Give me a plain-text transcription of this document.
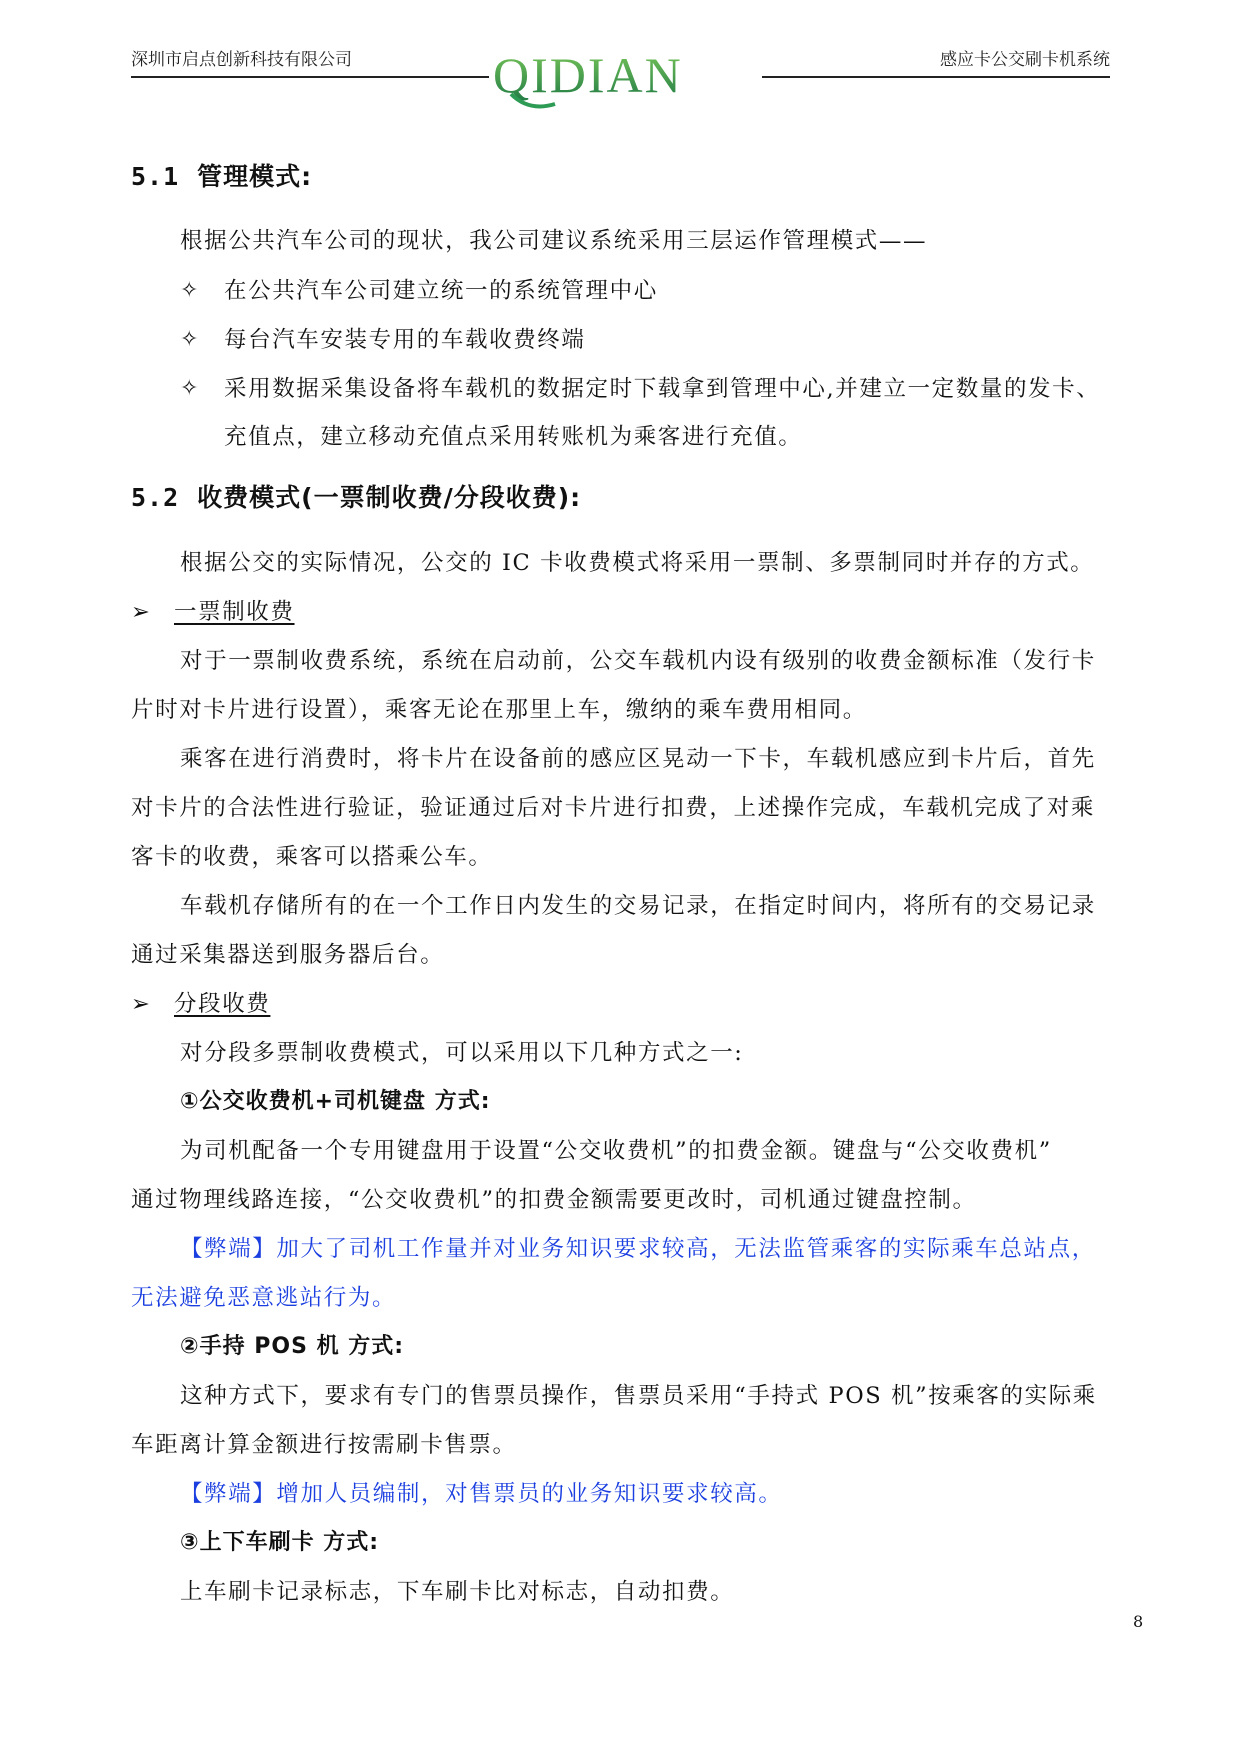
深圳市启点创新科技有限公司	感应卡公交刷卡机系统
QIDIAN
5.1 管理模式:
根据公共汽车公司的现状，我公司建议系统采用三层运作管理模式——
✧ 在公共汽车公司建立统一的系统管理中心
✧ 每台汽车安装专用的车载收费终端
✧ 采用数据采集设备将车载机的数据定时下载拿到管理中心,并建立一定数量的发卡、
充值点，建立移动充值点采用转账机为乘客进行充值。
5.2 收费模式(一票制收费/分段收费):
根据公交的实际情况，公交的 IC 卡收费模式将采用一票制、多票制同时并存的方式。
➢ 一票制收费
对于一票制收费系统，系统在启动前，公交车载机内设有级别的收费金额标准（发行卡
片时对卡片进行设置），乘客无论在那里上车，缴纳的乘车费用相同。
乘客在进行消费时，将卡片在设备前的感应区晃动一下卡，车载机感应到卡片后，首先
对卡片的合法性进行验证，验证通过后对卡片进行扣费，上述操作完成，车载机完成了对乘
客卡的收费，乘客可以搭乘公车。
车载机存储所有的在一个工作日内发生的交易记录，在指定时间内，将所有的交易记录
通过采集器送到服务器后台。
➢ 分段收费
对分段多票制收费模式，可以采用以下几种方式之一:
①公交收费机+司机键盘 方式:
为司机配备一个专用键盘用于设置“公交收费机”的扣费金额。键盘与“公交收费机”
通过物理线路连接，“公交收费机”的扣费金额需要更改时，司机通过键盘控制。
【弊端】加大了司机工作量并对业务知识要求较高，无法监管乘客的实际乘车总站点，
无法避免恶意逃站行为。
②手持 POS 机 方式:
这种方式下，要求有专门的售票员操作，售票员采用“手持式 POS 机”按乘客的实际乘
车距离计算金额进行按需刷卡售票。
【弊端】增加人员编制，对售票员的业务知识要求较高。
③上下车刷卡 方式:
上车刷卡记录标志，下车刷卡比对标志，自动扣费。
8
